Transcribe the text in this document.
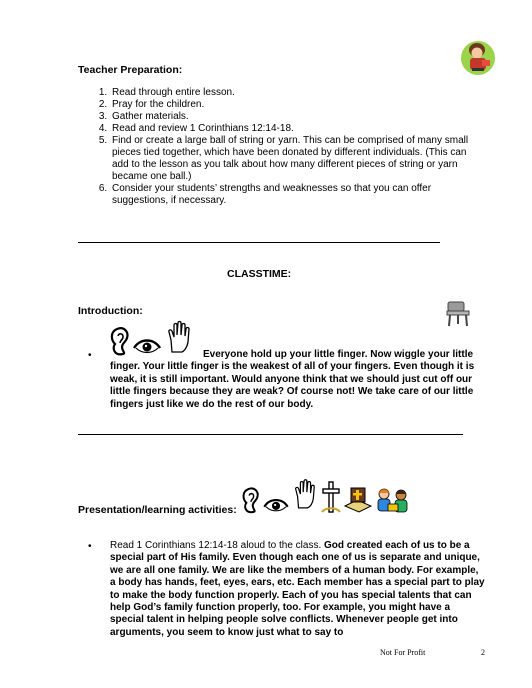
Teacher Preparation:
1. Read through entire lesson.
2. Pray for the children.
3. Gather materials.
4. Read and review 1 Corinthians 12:14-18.
5. Find or create a large ball of string or yarn. This can be comprised of many small pieces tied together, which have been donated by different individuals. (This can add to the lesson as you talk about how many different pieces of string or yarn became one ball.)
6. Consider your students’ strengths and weaknesses so that you can offer suggestions, if necessary.
CLASSTIME:
Introduction:
•	Everyone hold up your little finger. Now wiggle your little finger. Your little finger is the weakest of all of your fingers. Even though it is weak, it is still important. Would anyone think that we should just cut off our little fingers because they are weak? Of course not! We take care of our little fingers just like we do the rest of our body.
Presentation/learning activities:
• Read 1 Corinthians 12:14-18 aloud to the class. God created each of us to be a special part of His family. Even though each one of us is separate and unique, we are all one family. We are like the members of a human body. For example, a body has hands, feet, eyes, ears, etc. Each member has a special part to play to make the body function properly. Each of you has special talents that can help God’s family function properly, too. For example, you might have a special talent in helping people solve conflicts. Whenever people get into arguments, you seem to know just what to say to
Not For Profit	2
